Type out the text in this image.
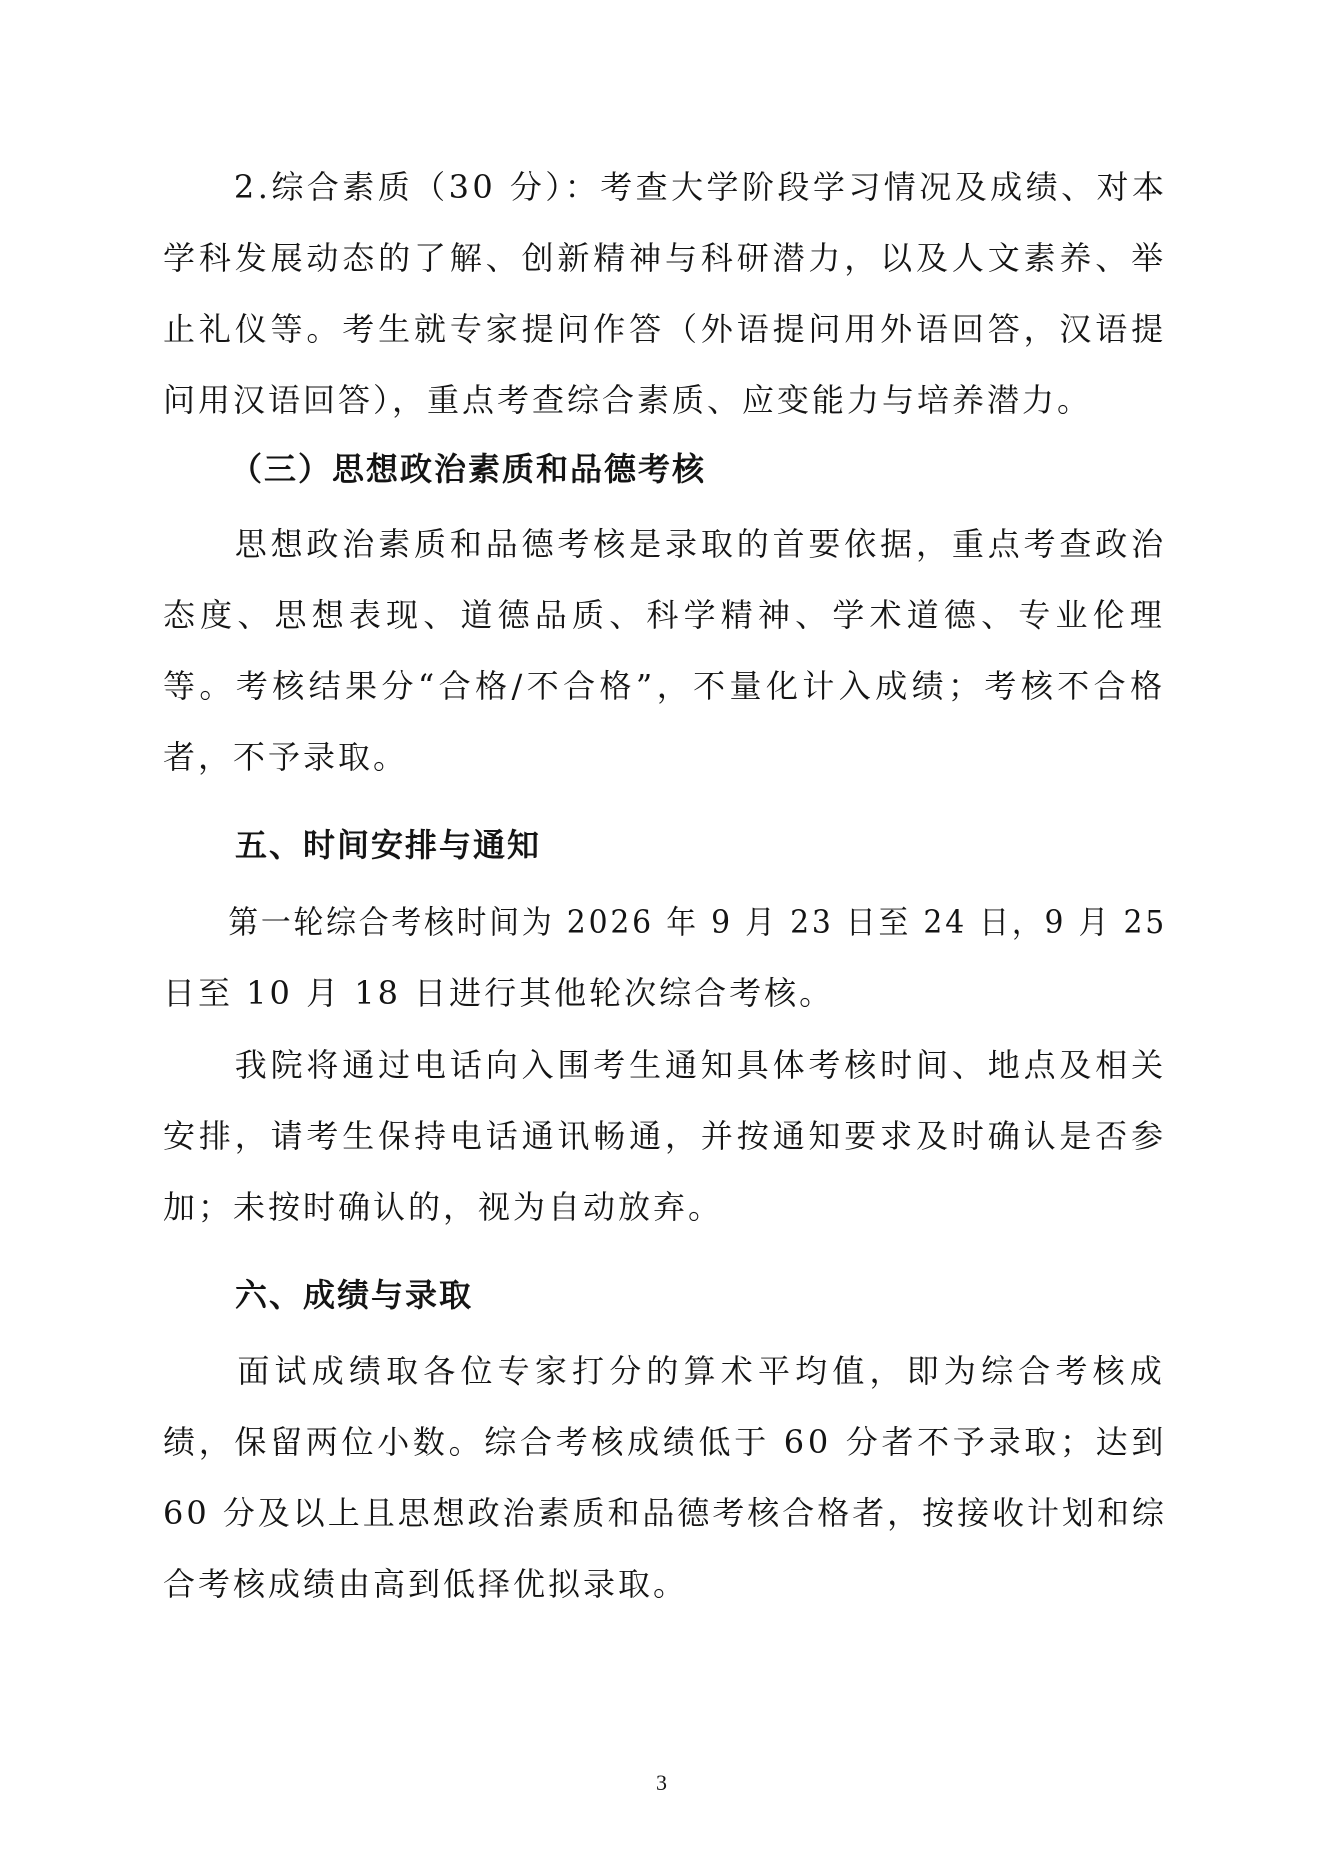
　　2.综合素质（30 分）：考查大学阶段学习情况及成绩、对本
学科发展动态的了解、创新精神与科研潜力，以及人文素养、举
止礼仪等。考生就专家提问作答（外语提问用外语回答，汉语提
问用汉语回答），重点考查综合素质、应变能力与培养潜力。
（三）思想政治素质和品德考核
　　思想政治素质和品德考核是录取的首要依据，重点考查政治
态度、思想表现、道德品质、科学精神、学术道德、专业伦理
等。考核结果分“合格/不合格”，不量化计入成绩；考核不合格
者，不予录取。
五、时间安排与通知
　　第一轮综合考核时间为 2026 年 9 月 23 日至 24 日，9 月 25
日至 10 月 18 日进行其他轮次综合考核。
　　我院将通过电话向入围考生通知具体考核时间、地点及相关
安排，请考生保持电话通讯畅通，并按通知要求及时确认是否参
加；未按时确认的，视为自动放弃。
六、成绩与录取
　　面试成绩取各位专家打分的算术平均值，即为综合考核成
绩，保留两位小数。综合考核成绩低于 60 分者不予录取；达到
60 分及以上且思想政治素质和品德考核合格者，按接收计划和综
合考核成绩由高到低择优拟录取。
3
